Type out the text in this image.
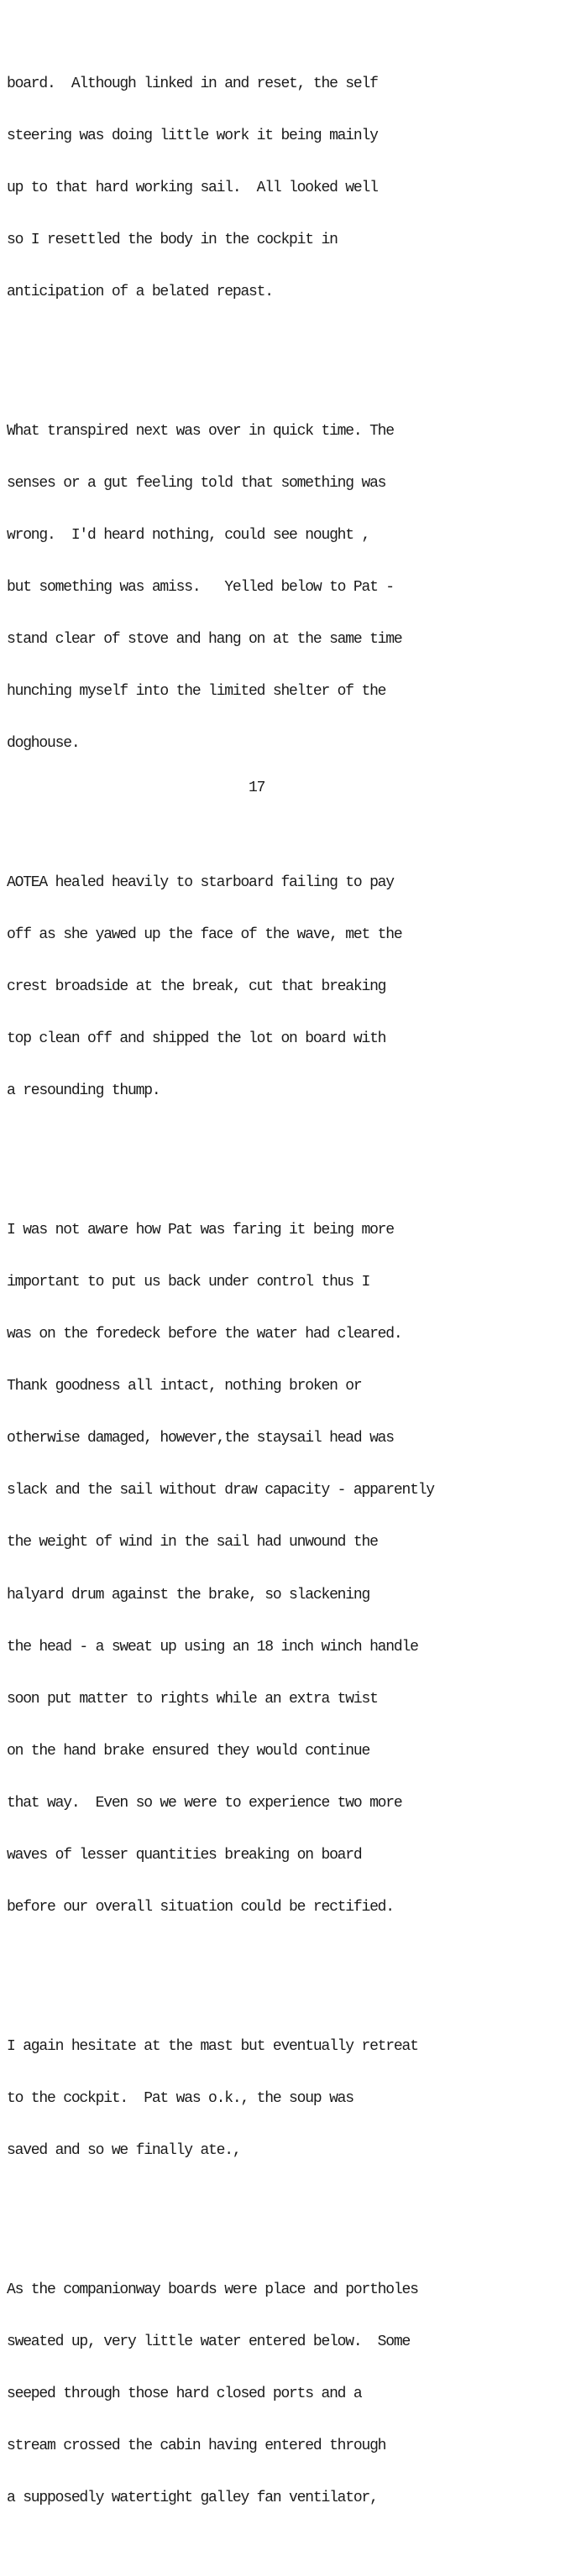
board.  Although linked in and reset, the self

steering was doing little work it being mainly

up to that hard working sail.  All looked well

so I resettled the body in the cockpit in

anticipation of a belated repast.

What transpired next was over in quick time. The

senses or a gut feeling told that something was

wrong.  I'd heard nothing, could see nought ,

but something was amiss.   Yelled below to Pat -

stand clear of stove and hang on at the same time

hunching myself into the limited shelter of the

doghouse.

AOTEA healed heavily to starboard failing to pay

off as she yawed up the face of the wave, met the

crest broadside at the break, cut that breaking

top clean off and shipped the lot on board with

a resounding thump.

I was not aware how Pat was faring it being more

important to put us back under control thus I

was on the foredeck before the water had cleared.

Thank goodness all intact, nothing broken or

otherwise damaged, however,the staysail head was

slack and the sail without draw capacity - apparently

the weight of wind in the sail had unwound the

halyard drum against the brake, so slackening

the head - a sweat up using an 18 inch winch handle

soon put matter to rights while an extra twist

on the hand brake ensured they would continue

that way.  Even so we were to experience two more

waves of lesser quantities breaking on board

before our overall situation could be rectified.

I again hesitate at the mast but eventually retreat

to the cockpit.  Pat was o.k., the soup was

saved and so we finally ate.,

As the companionway boards were place and portholes

sweated up, very little water entered below.  Some

seeped through those hard closed ports and a

stream crossed the cabin having entered through

a supposedly watertight galley fan ventilator,

17
